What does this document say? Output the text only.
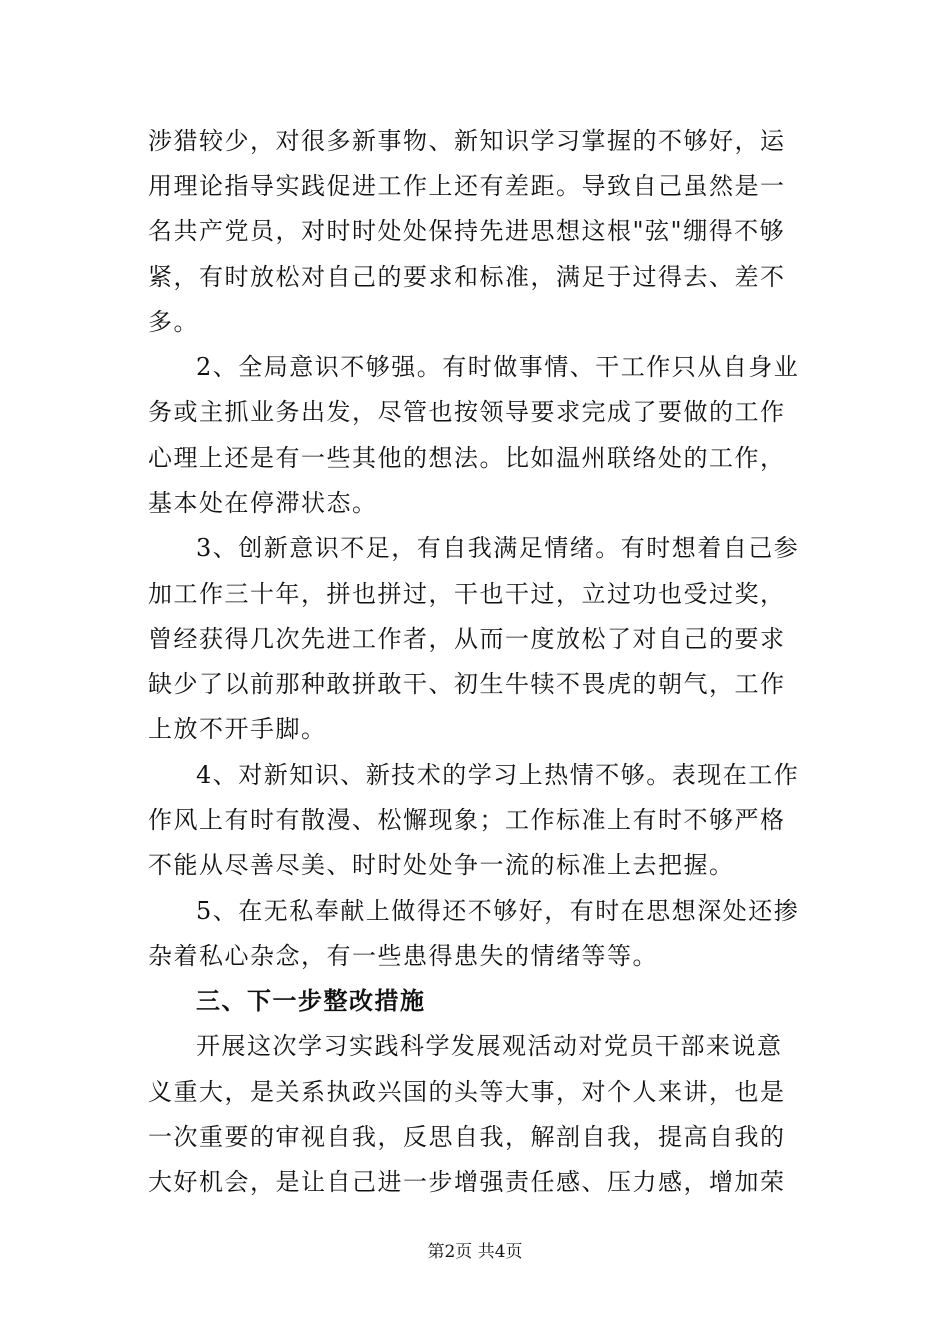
涉猎较少，对很多新事物、新知识学习掌握的不够好，运
用理论指导实践促进工作上还有差距。导致自己虽然是一
名共产党员，对时时处处保持先进思想这根"弦"绷得不够
紧，有时放松对自己的要求和标准，满足于过得去、差不
多。
2、全局意识不够强。有时做事情、干工作只从自身业
务或主抓业务出发，尽管也按领导要求完成了要做的工作
心理上还是有一些其他的想法。比如温州联络处的工作，
基本处在停滞状态。
3、创新意识不足，有自我满足情绪。有时想着自己参
加工作三十年，拼也拼过，干也干过，立过功也受过奖，
曾经获得几次先进工作者，从而一度放松了对自己的要求
缺少了以前那种敢拼敢干、初生牛犊不畏虎的朝气，工作
上放不开手脚。
4、对新知识、新技术的学习上热情不够。表现在工作
作风上有时有散漫、松懈现象；工作标准上有时不够严格
不能从尽善尽美、时时处处争一流的标准上去把握。
5、在无私奉献上做得还不够好，有时在思想深处还掺
杂着私心杂念，有一些患得患失的情绪等等。
三、下一步整改措施
开展这次学习实践科学发展观活动对党员干部来说意
义重大，是关系执政兴国的头等大事，对个人来讲，也是
一次重要的审视自我，反思自我，解剖自我，提高自我的
大好机会，是让自己进一步增强责任感、压力感，增加荣
第2页 共4页
